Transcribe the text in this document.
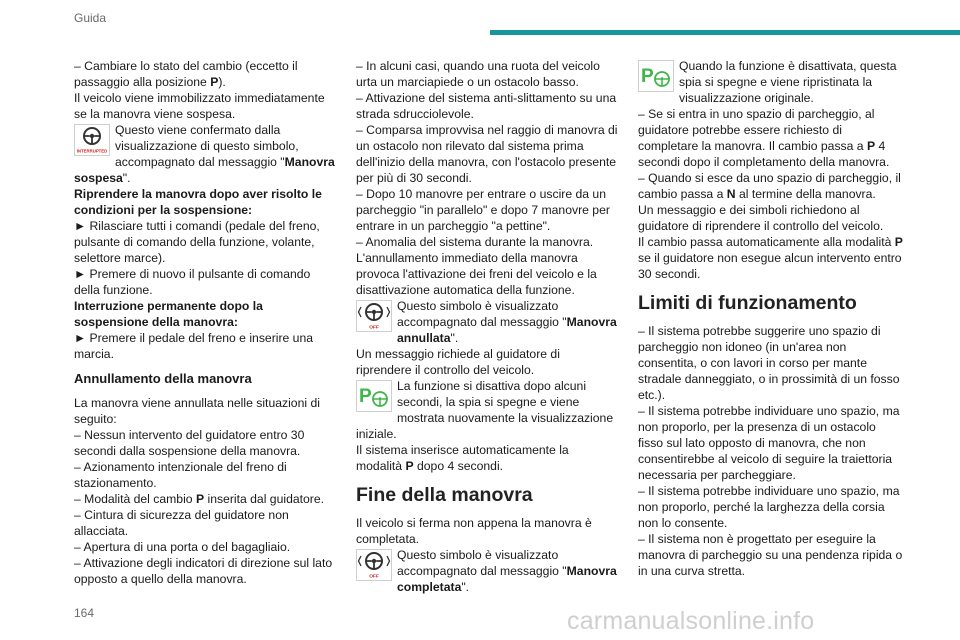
Guida

– Cambiare lo stato del cambio (eccetto il passaggio alla posizione P).

Il veicolo viene immobilizzato immediatamente se la manovra viene sospesa.

INTERRUPTED

Questo viene confermato dalla visualizzazione di questo simbolo, accompagnato dal messaggio "Manovra sospesa".

Riprendere la manovra dopo aver risolto le condizioni per la sospensione:

► Rilasciare tutti i comandi (pedale del freno, pulsante di comando della funzione, volante, selettore marce).

► Premere di nuovo il pulsante di comando della funzione.

Interruzione permanente dopo la sospensione della manovra:

► Premere il pedale del freno e inserire una marcia.

Annullamento della manovra

La manovra viene annullata nelle situazioni di seguito:

– Nessun intervento del guidatore entro 30 secondi dalla sospensione della manovra.

– Azionamento intenzionale del freno di stazionamento.

– Modalità del cambio P inserita dal guidatore.

– Cintura di sicurezza del guidatore non allacciata.

– Apertura di una porta o del bagagliaio.

– Attivazione degli indicatori di direzione sul lato opposto a quello della manovra.

– In alcuni casi, quando una ruota del veicolo urta un marciapiede o un ostacolo basso.

– Attivazione del sistema anti-slittamento su una strada sdrucciolevole.

– Comparsa improvvisa nel raggio di manovra di un ostacolo non rilevato dal sistema prima dell'inizio della manovra, con l'ostacolo presente per più di 30 secondi.

– Dopo 10 manovre per entrare o uscire da un parcheggio "in parallelo" e dopo 7 manovre per entrare in un parcheggio "a pettine".

– Anomalia del sistema durante la manovra.

L'annullamento immediato della manovra provoca l'attivazione dei freni del veicolo e la disattivazione automatica della funzione.

OFF

Questo simbolo è visualizzato accompagnato dal messaggio "Manovra annullata".

Un messaggio richiede al guidatore di riprendere il controllo del veicolo.

P	La funzione si disattiva dopo alcuni secondi, la spia si spegne e viene mostrata nuovamente la visualizzazione iniziale.

Il sistema inserisce automaticamente la modalità P dopo 4 secondi.

Fine della manovra

Il veicolo si ferma non appena la manovra è completata.

OFF

Questo simbolo è visualizzato accompagnato dal messaggio "Manovra completata".

P	Quando la funzione è disattivata, questa spia si spegne e viene ripristinata la visualizzazione originale.

– Se si entra in uno spazio di parcheggio, al guidatore potrebbe essere richiesto di completare la manovra. Il cambio passa a P 4 secondi dopo il completamento della manovra.

– Quando si esce da uno spazio di parcheggio, il cambio passa a N al termine della manovra.

Un messaggio e dei simboli richiedono al guidatore di riprendere il controllo del veicolo.

Il cambio passa automaticamente alla modalità P se il guidatore non esegue alcun intervento entro 30 secondi.

Limiti di funzionamento

– Il sistema potrebbe suggerire uno spazio di parcheggio non idoneo (in un'area non consentita, o con lavori in corso per mante stradale danneggiato, o in prossimità di un fosso etc.).

– Il sistema potrebbe individuare uno spazio, ma non proporlo, per la presenza di un ostacolo fisso sul lato opposto di manovra, che non consentirebbe al veicolo di seguire la traiettoria necessaria per parcheggiare.

– Il sistema potrebbe individuare uno spazio, ma non proporlo, perché la larghezza della corsia non lo consente.

– Il sistema non è progettato per eseguire la manovra di parcheggio su una pendenza ripida o in una curva stretta.

164	carmanualsonline.info
